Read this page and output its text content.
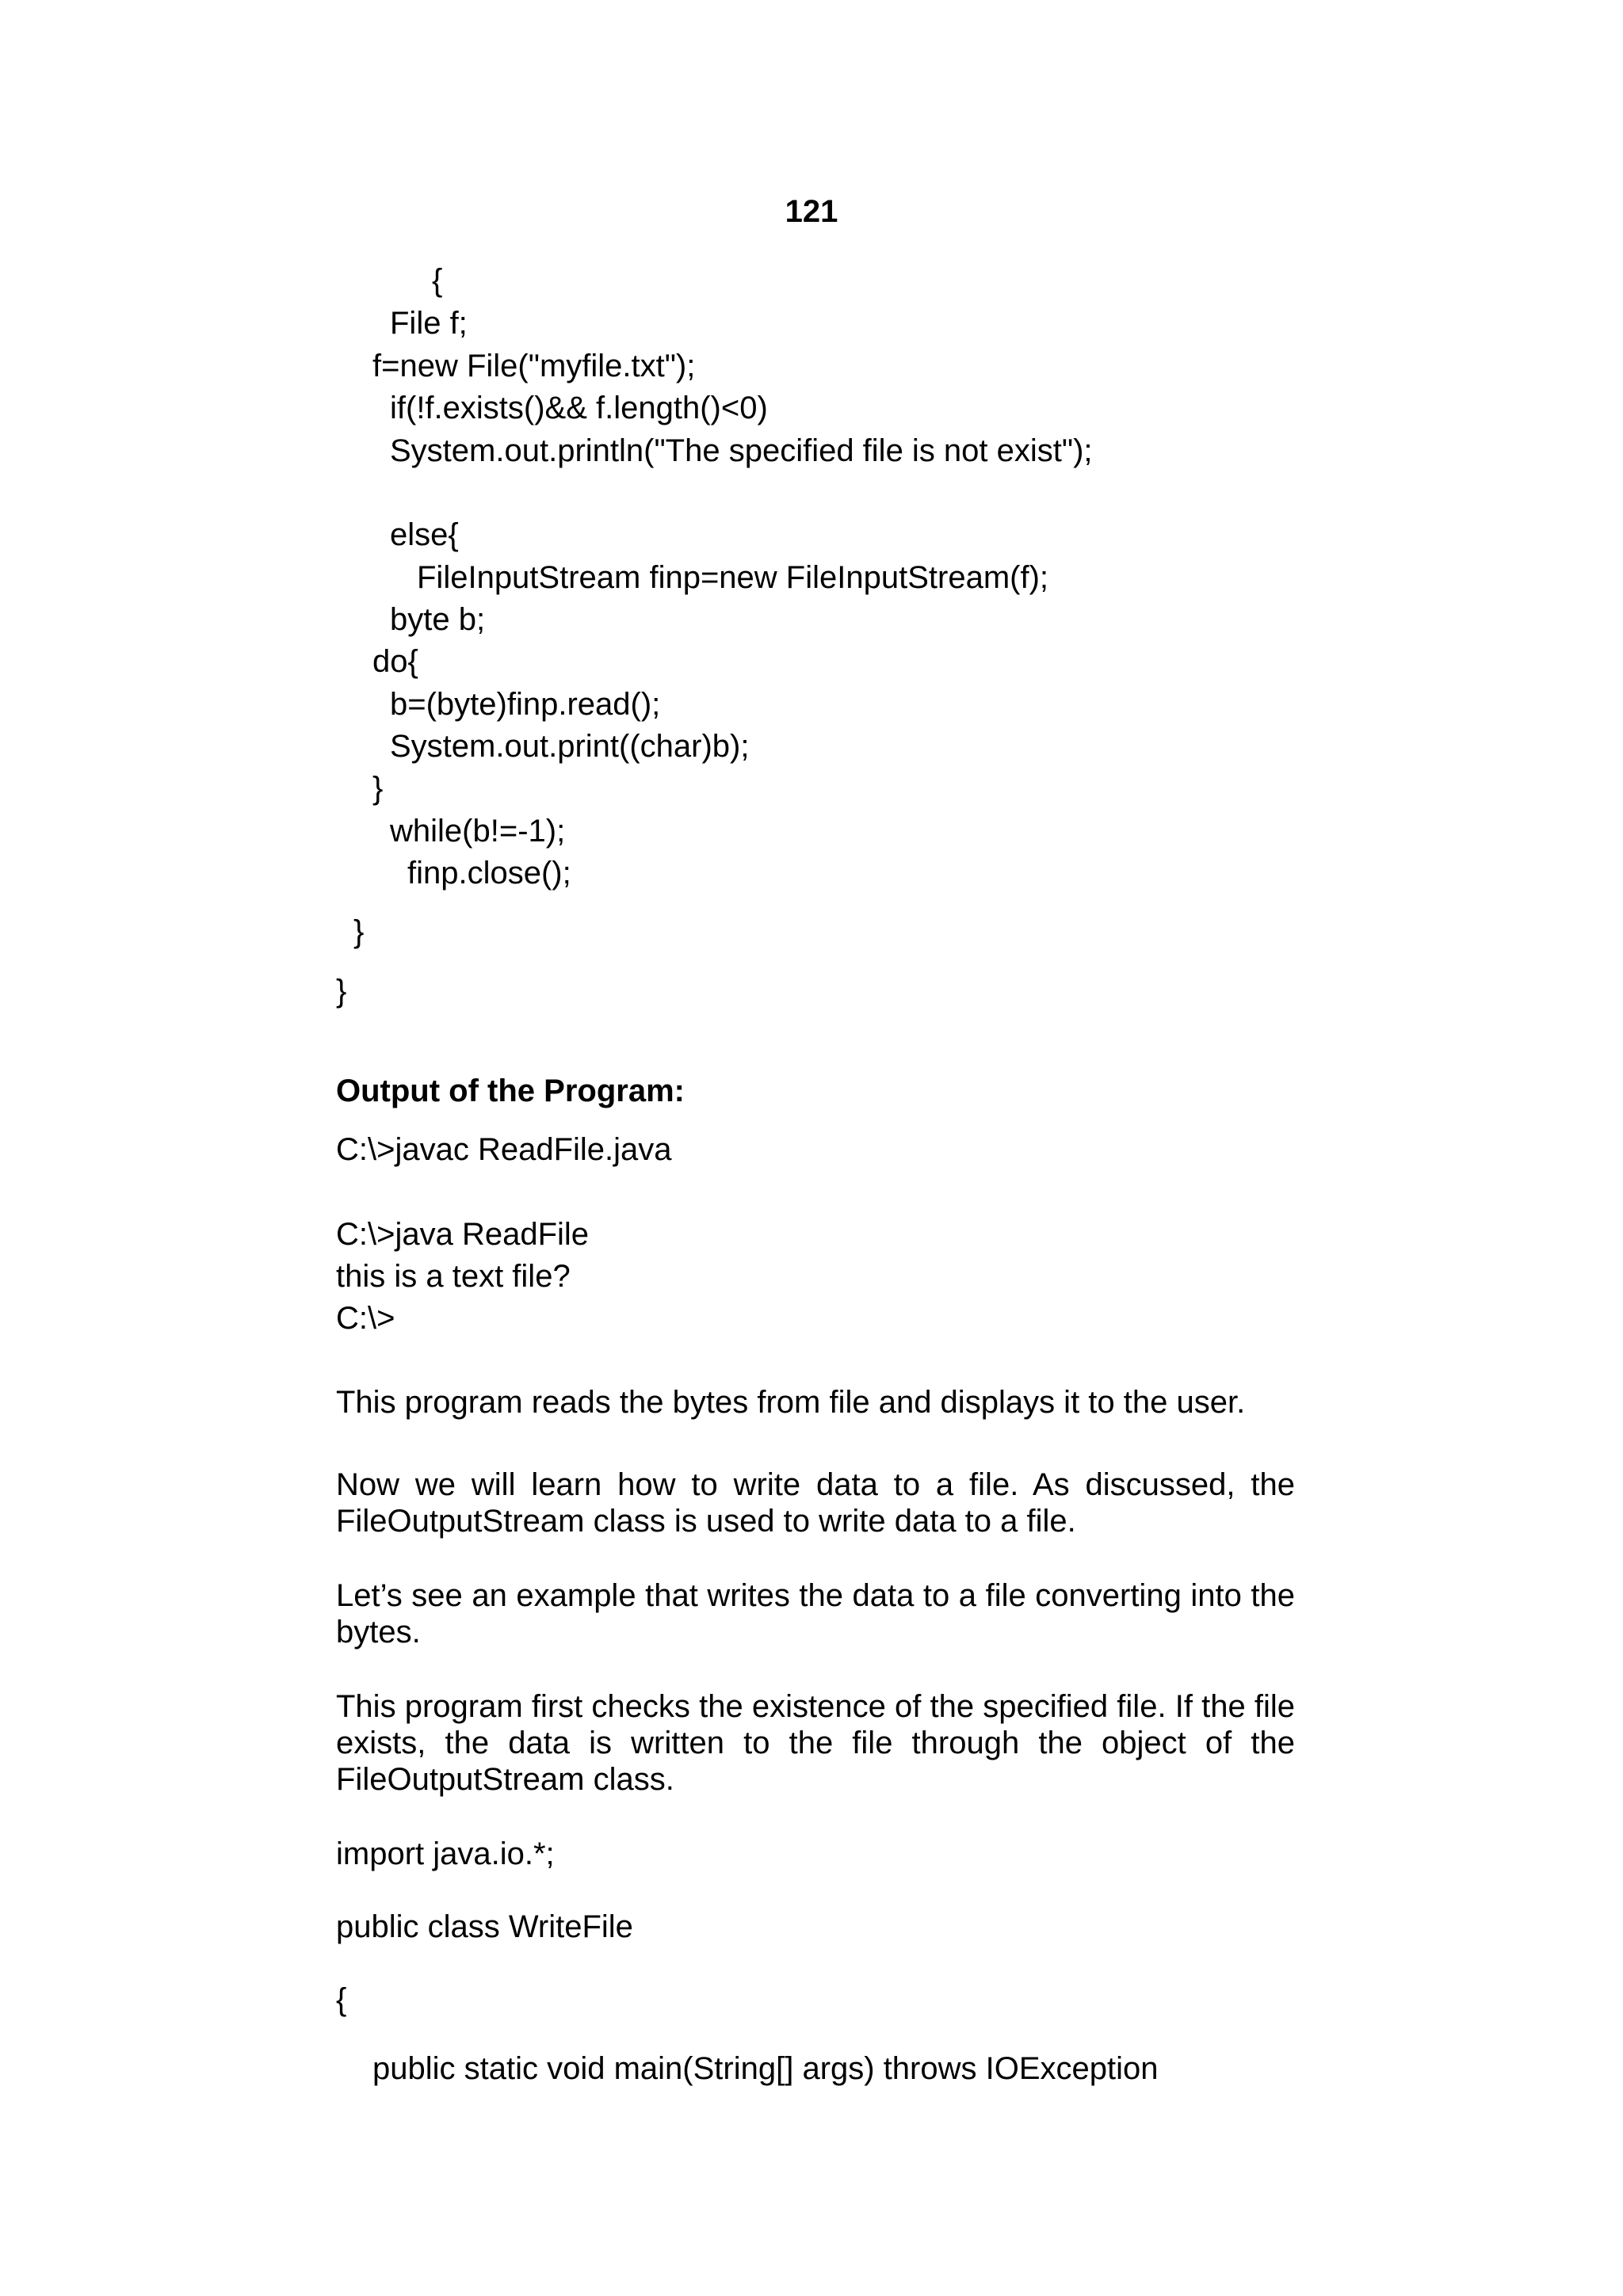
121
{
File f;
f=new File("myfile.txt");
if(!f.exists()&& f.length()<0)
System.out.println("The specified file is not exist");
else{
FileInputStream finp=new FileInputStream(f);
byte b;
do{
b=(byte)finp.read();
System.out.print((char)b);
}
while(b!=-1);
finp.close();
}
}
Output of the Program:
C:\>javac ReadFile.java
C:\>java ReadFile
this is a text file?
C:\>

This program reads the bytes from file and displays it to the user.

Now we will learn how to write data to a file. As discussed, the FileOutputStream class is used to write data to a file.

Let’s see an example that writes the data to a file converting into the bytes.

This program first checks the existence of the specified file. If the file exists, the data is written to the file through the object of the FileOutputStream class.

import java.io.*;
public class WriteFile
{
public static void main(String[] args) throws IOException
